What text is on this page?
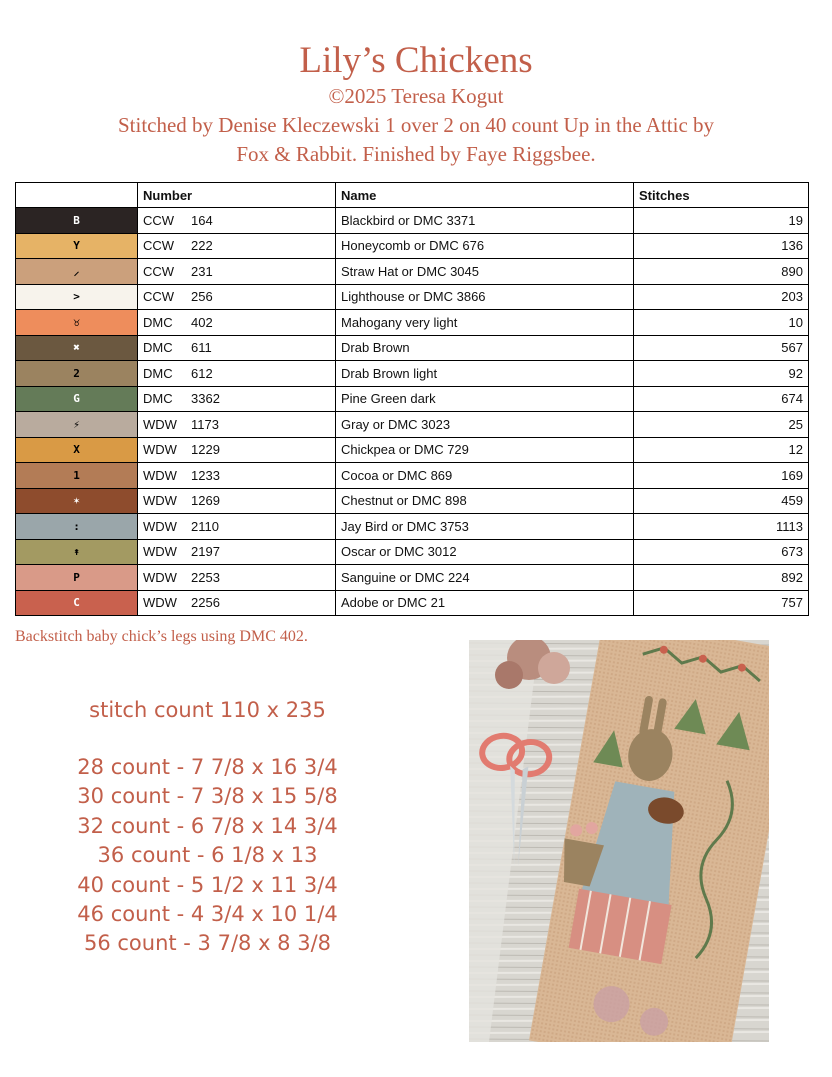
Lily’s Chickens
©2025 Teresa Kogut
Stitched by Denise Kleczewski 1 over 2 on 40 count Up in the Attic by
Fox & Rabbit. Finished by Faye Riggsbee.
	Number	Name	Stitches
B	CCW 164	Blackbird or DMC 3371	19
Y	CCW 222	Honeycomb or DMC 676	136
⸝	CCW 231	Straw Hat or DMC 3045	890
>	CCW 256	Lighthouse or DMC 3866	203
♉	DMC 402	Mahogany very light	10
✖	DMC 611	Drab Brown	567
2	DMC 612	Drab Brown light	92
G	DMC 3362	Pine Green dark	674
⚡	WDW 1173	Gray or DMC 3023	25
X	WDW 1229	Chickpea or DMC 729	12
1	WDW 1233	Cocoa or DMC 869	169
✶	WDW 1269	Chestnut or DMC 898	459
:	WDW 2110	Jay Bird or DMC 3753	1113
↟	WDW 2197	Oscar or DMC 3012	673
P	WDW 2253	Sanguine or DMC 224	892
C	WDW 2256	Adobe or DMC 21	757
Backstitch baby chick’s legs using DMC 402.
stitch count 110 x 235
28 count - 7 7/8 x 16 3/4
30 count - 7 3/8 x 15 5/8
32 count - 6 7/8 x 14 3/4
36 count - 6 1/8 x 13
40 count - 5 1/2 x 11 3/4
46 count - 4 3/4 x 10 1/4
56 count - 3 7/8 x 8 3/8
